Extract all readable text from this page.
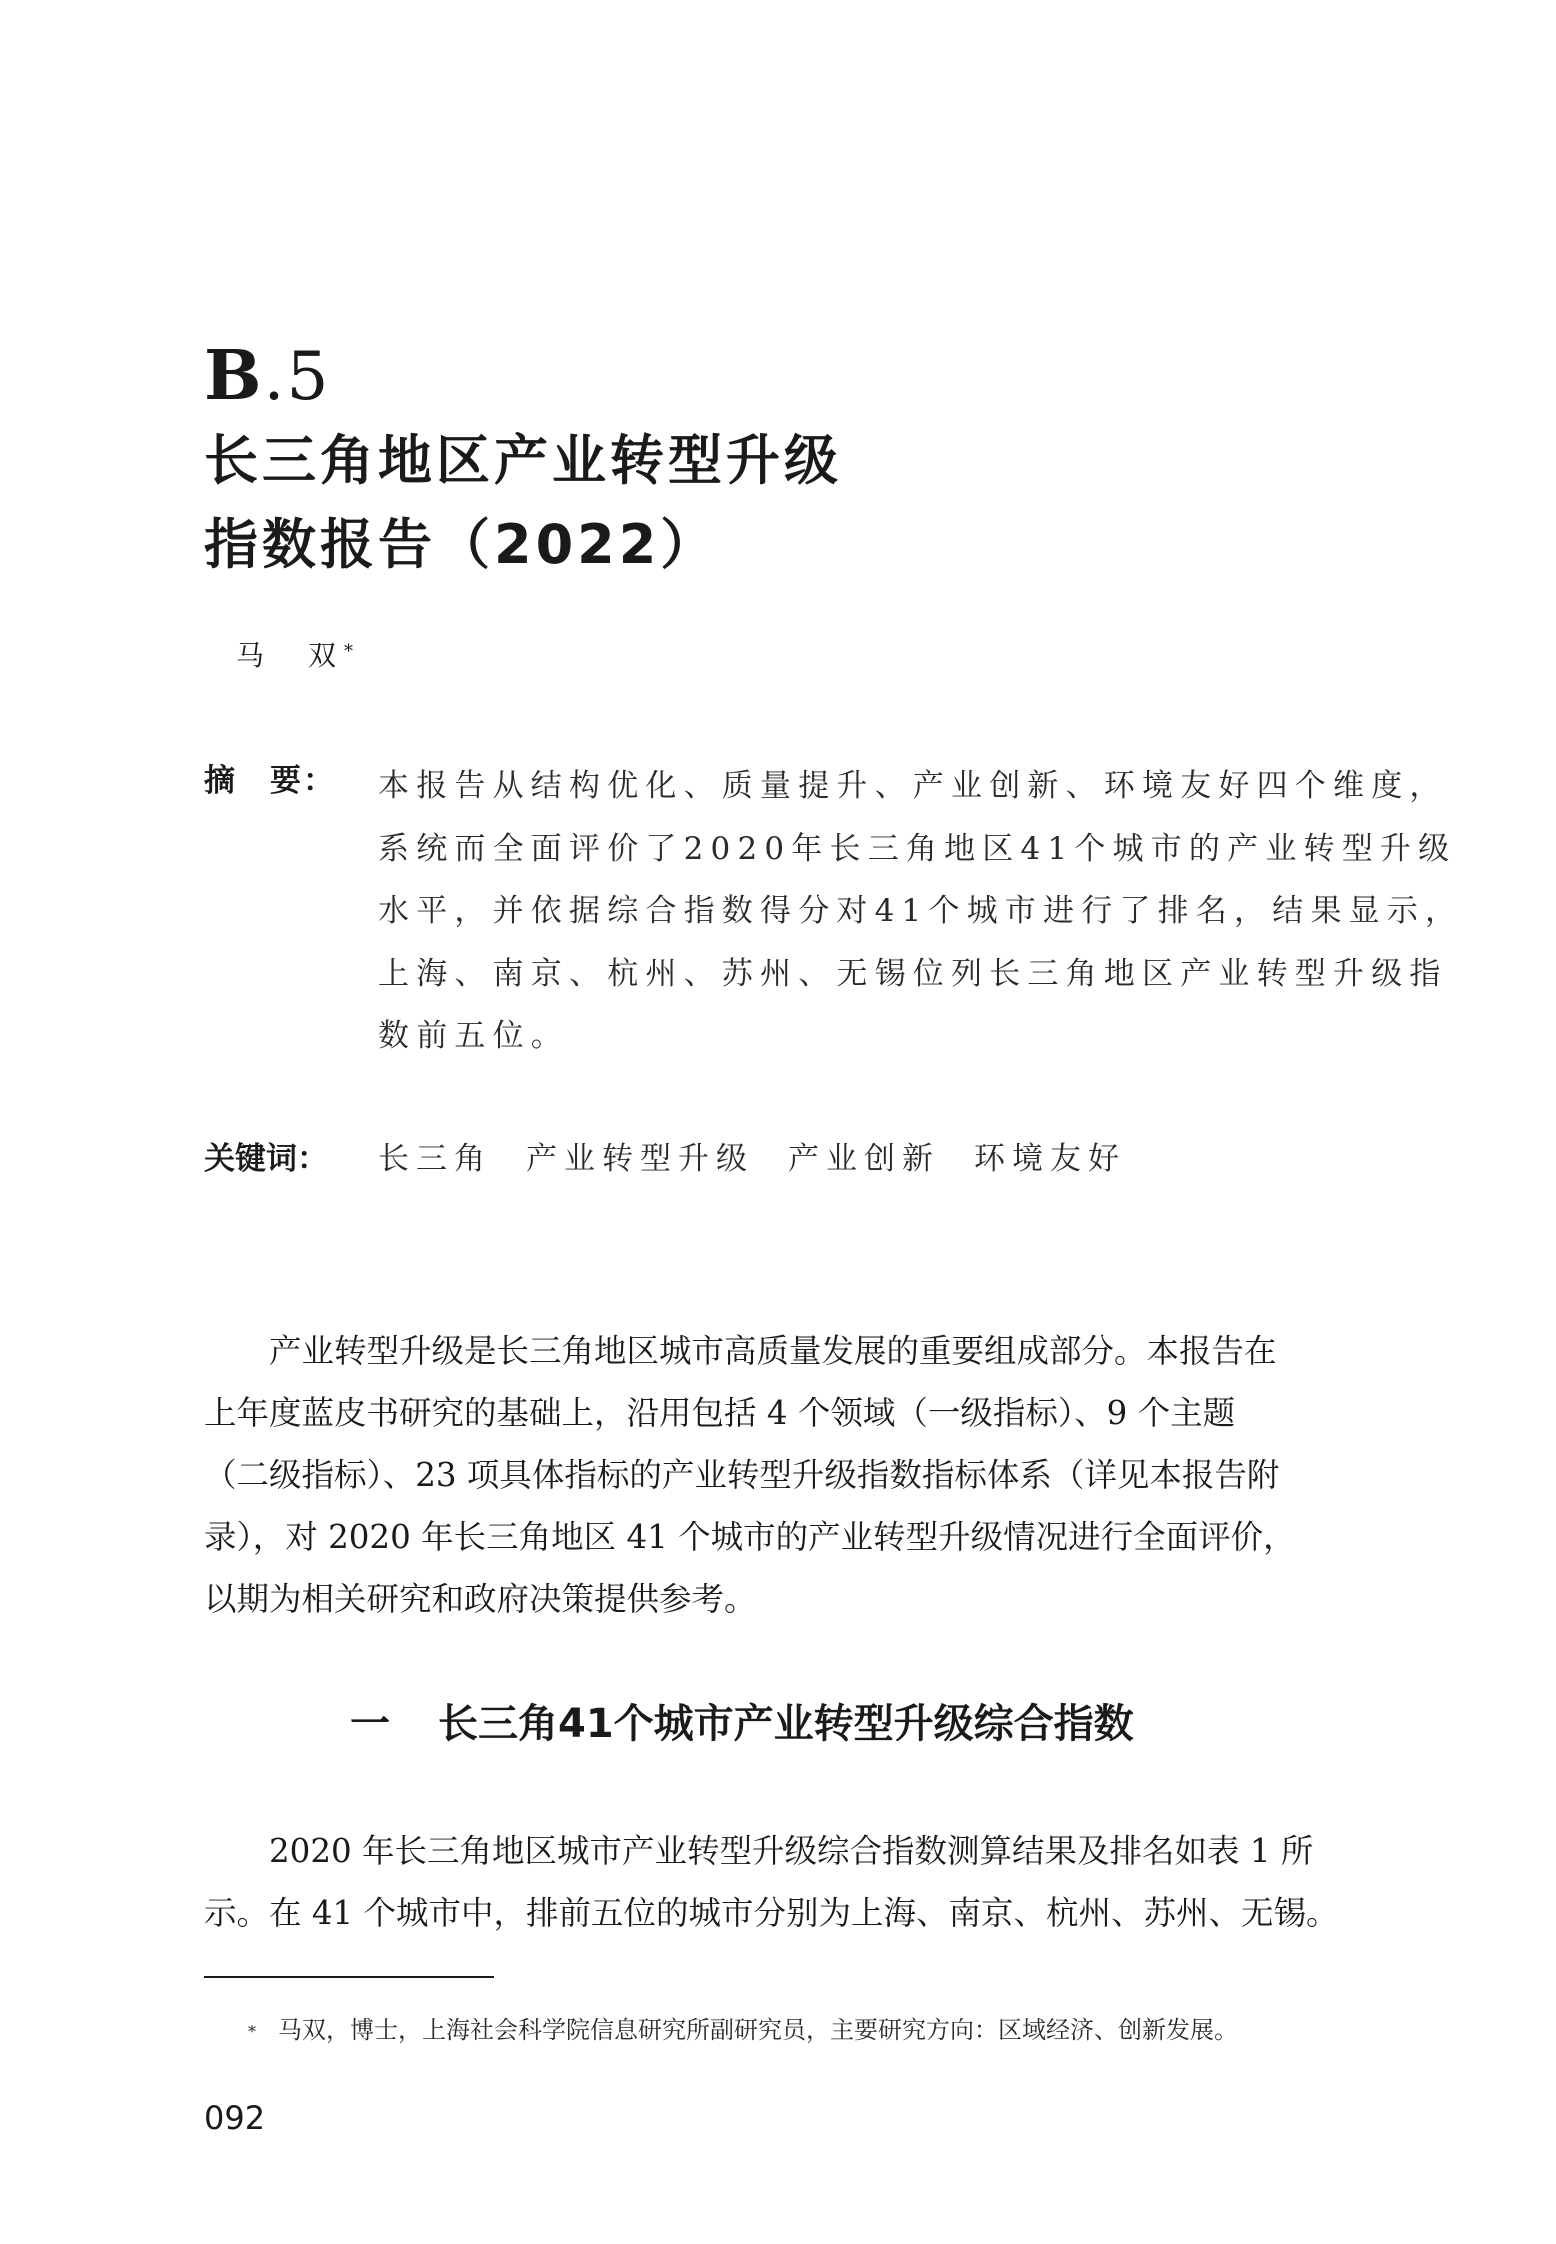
B.5
长三角地区产业转型升级
指数报告（2022）
马　双*
摘　要： 本报告从结构优化、质量提升、产业创新、环境友好四个维度，
系统而全面评价了2020年长三角地区41个城市的产业转型升级
水平，并依据综合指数得分对41个城市进行了排名，结果显示，
上海、南京、杭州、苏州、无锡位列长三角地区产业转型升级指
数前五位。
关键词： 长三角 产业转型升级 产业创新 环境友好
　　产业转型升级是长三角地区城市高质量发展的重要组成部分。本报告在
上年度蓝皮书研究的基础上，沿用包括 4 个领域（一级指标）、9 个主题
（二级指标）、23 项具体指标的产业转型升级指数指标体系（详见本报告附
录），对 2020 年长三角地区 41 个城市的产业转型升级情况进行全面评价，
以期为相关研究和政府决策提供参考。
一 长三角41个城市产业转型升级综合指数
　　2020 年长三角地区城市产业转型升级综合指数测算结果及排名如表 1 所
示。在 41 个城市中，排前五位的城市分别为上海、南京、杭州、苏州、无锡。
* 马双，博士，上海社会科学院信息研究所副研究员，主要研究方向：区域经济、创新发展。
092
